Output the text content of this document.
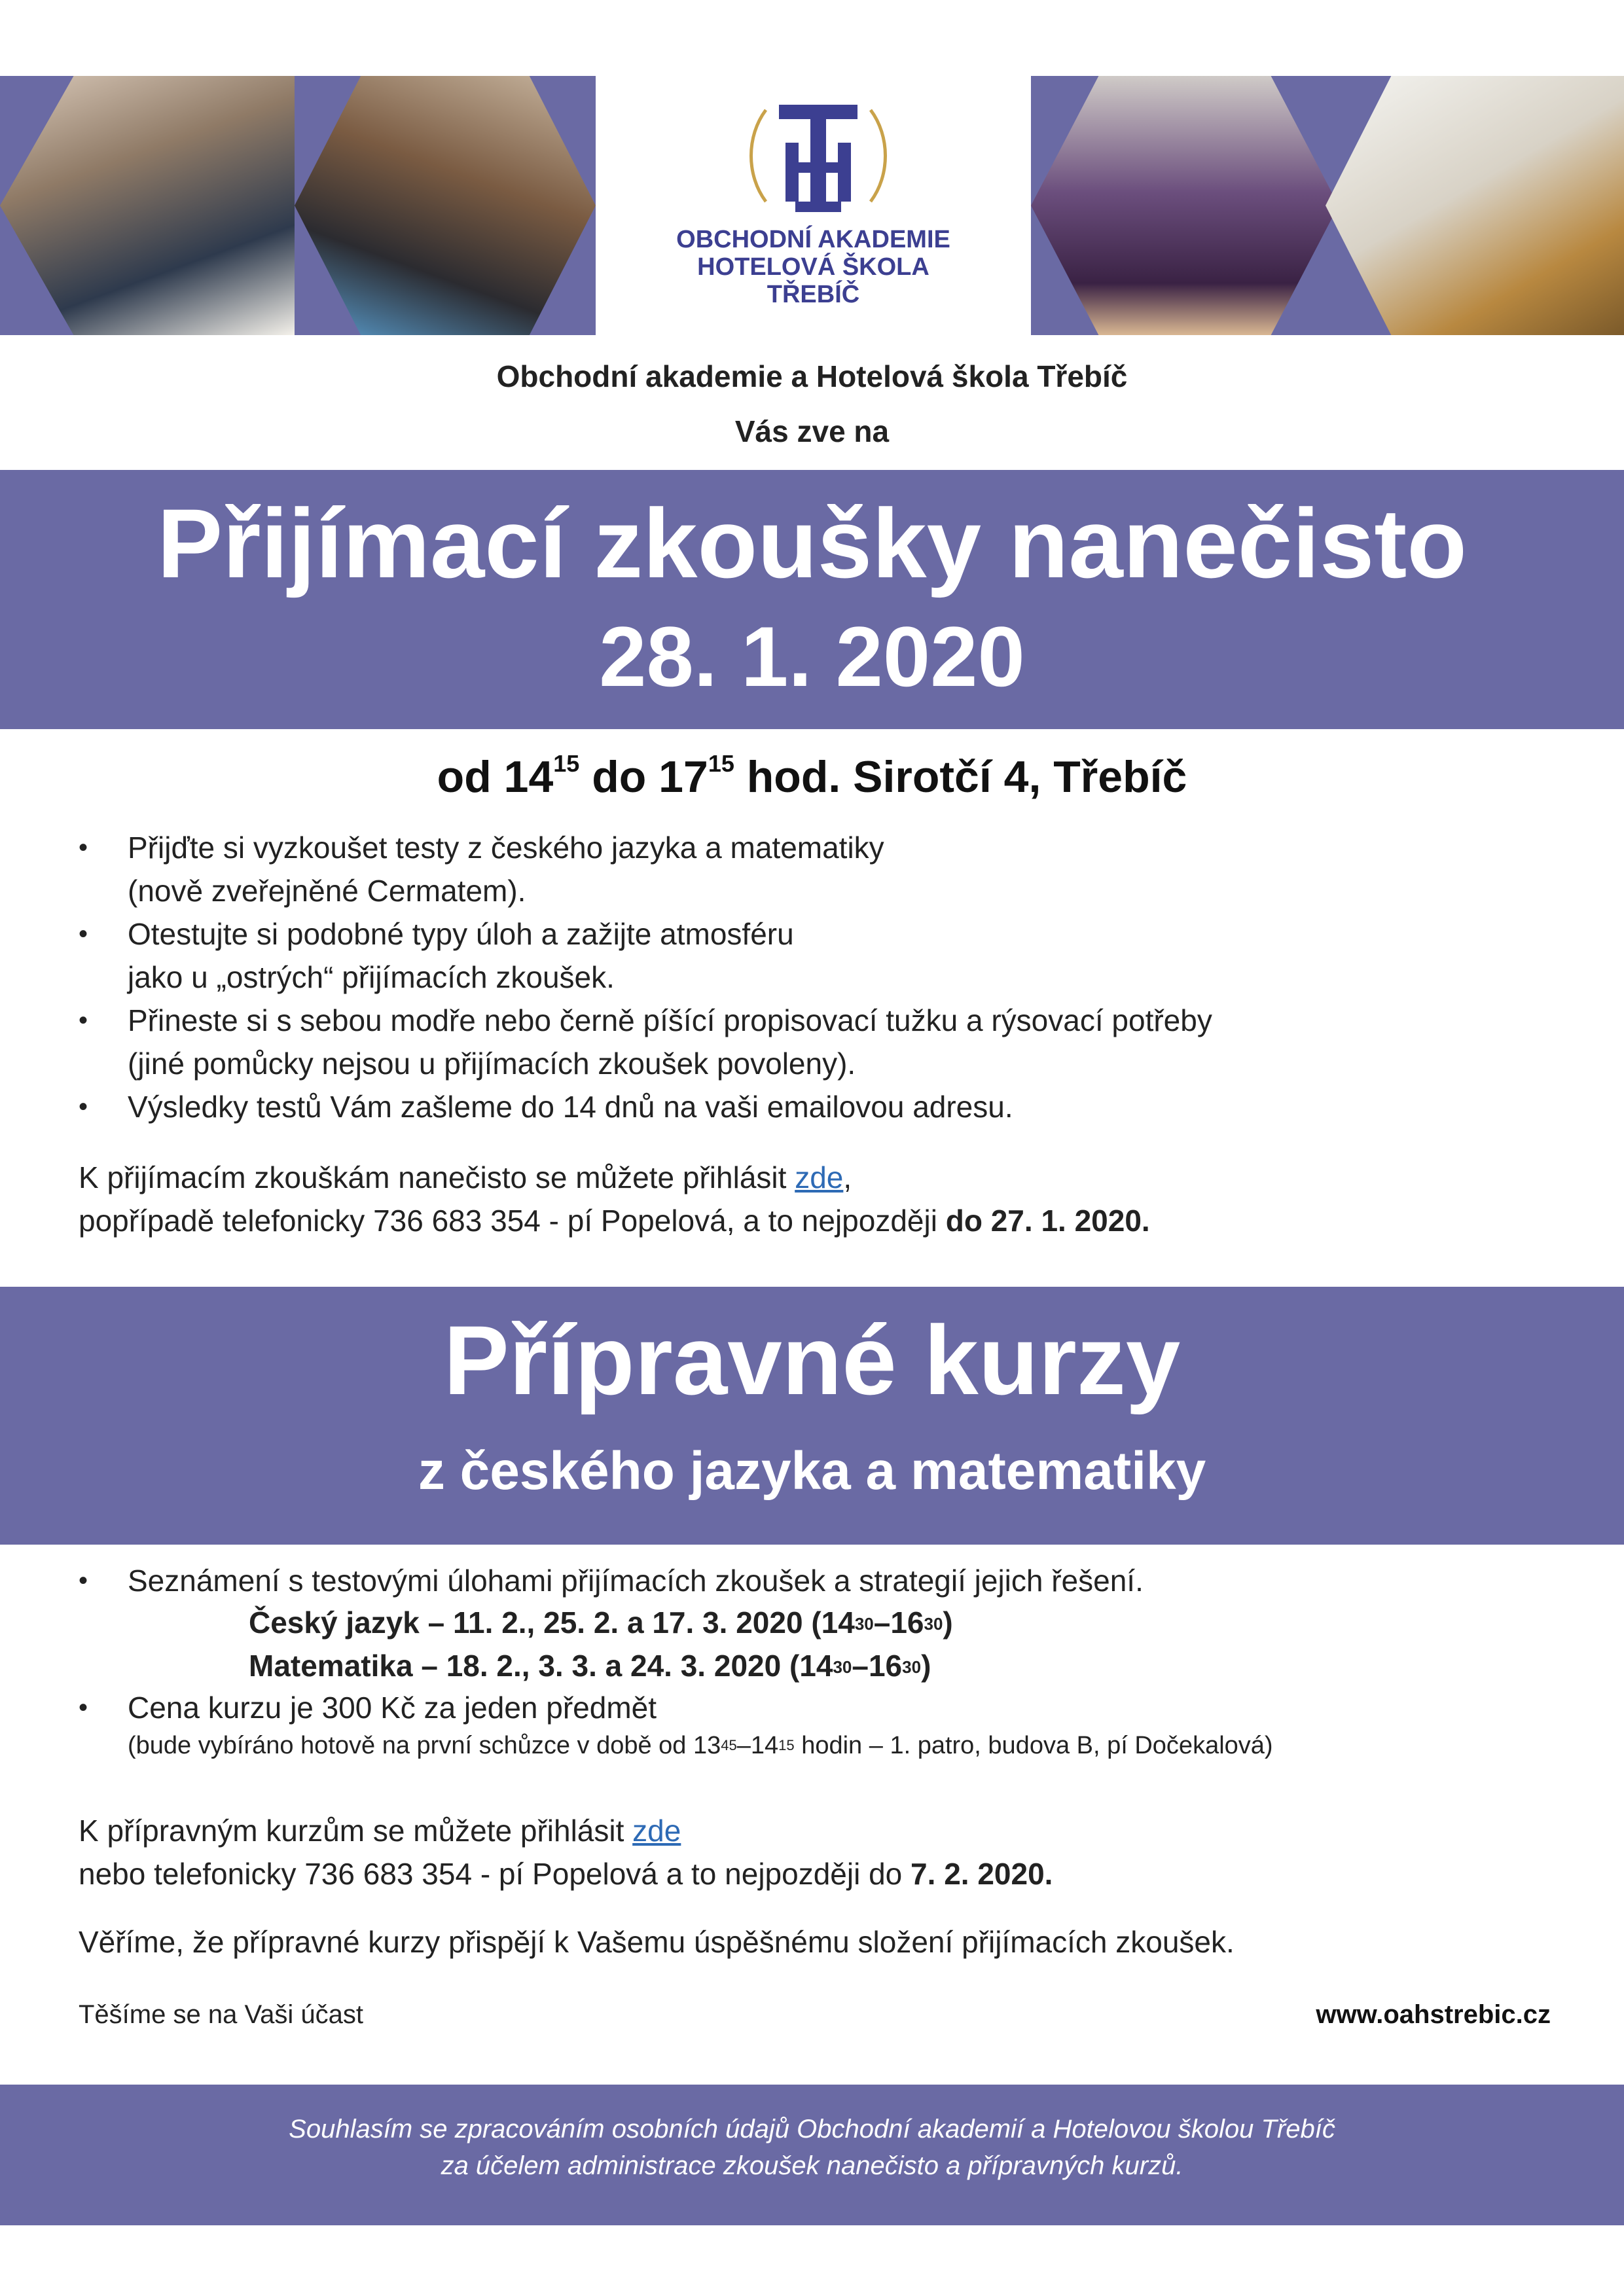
OBCHODNÍ AKADEMIE
HOTELOVÁ ŠKOLA
TŘEBÍČ
Obchodní akademie a Hotelová škola Třebíč
Vás zve na
Přijímací zkoušky nanečisto
28. 1. 2020
od $14^{15}$ do $17^{15}$ hod. Sirotčí 4, Třebíč
• Přijďte si vyzkoušet testy z českého jazyka a matematiky
(nově zveřejněné Cermatem).
• Otestujte si podobné typy úloh a zažijte atmosféru
jako u „ostrých“ přijímacích zkoušek.
• Přineste si s sebou modře nebo černě píšící propisovací tužku a rýsovací potřeby
(jiné pomůcky nejsou u přijímacích zkoušek povoleny).
• Výsledky testů Vám zašleme do 14 dnů na vaši emailovou adresu.
K přijímacím zkouškám nanečisto se můžete přihlásit zde,
popřípadě telefonicky 736 683 354 - pí Popelová, a to nejpozději do 27. 1. 2020.
Přípravné kurzy
z českého jazyka a matematiky
• Seznámení s testovými úlohami přijímacích zkoušek a strategií jejich řešení.
Český jazyk – 11. 2., 25. 2. a 17. 3. 2020 $(14^{30}-16^{30})$
Matematika – 18. 2., 3. 3. a 24. 3. 2020 $(14^{30}-16^{30})$
• Cena kurzu je 300 Kč za jeden předmět
(bude vybíráno hotově na první schůzce v době od $13^{45}-14^{15}$ hodin – 1. patro, budova B, pí Dočekalová)
K přípravným kurzům se můžete přihlásit zde
nebo telefonicky 736 683 354 - pí Popelová a to nejpozději do 7. 2. 2020.
Věříme, že přípravné kurzy přispějí k Vašemu úspěšnému složení přijímacích zkoušek.
Těšíme se na Vaši účast	www.oahstrebic.cz
Souhlasím se zpracováním osobních údajů Obchodní akademií a Hotelovou školou Třebíč
za účelem administrace zkoušek nanečisto a přípravných kurzů.
